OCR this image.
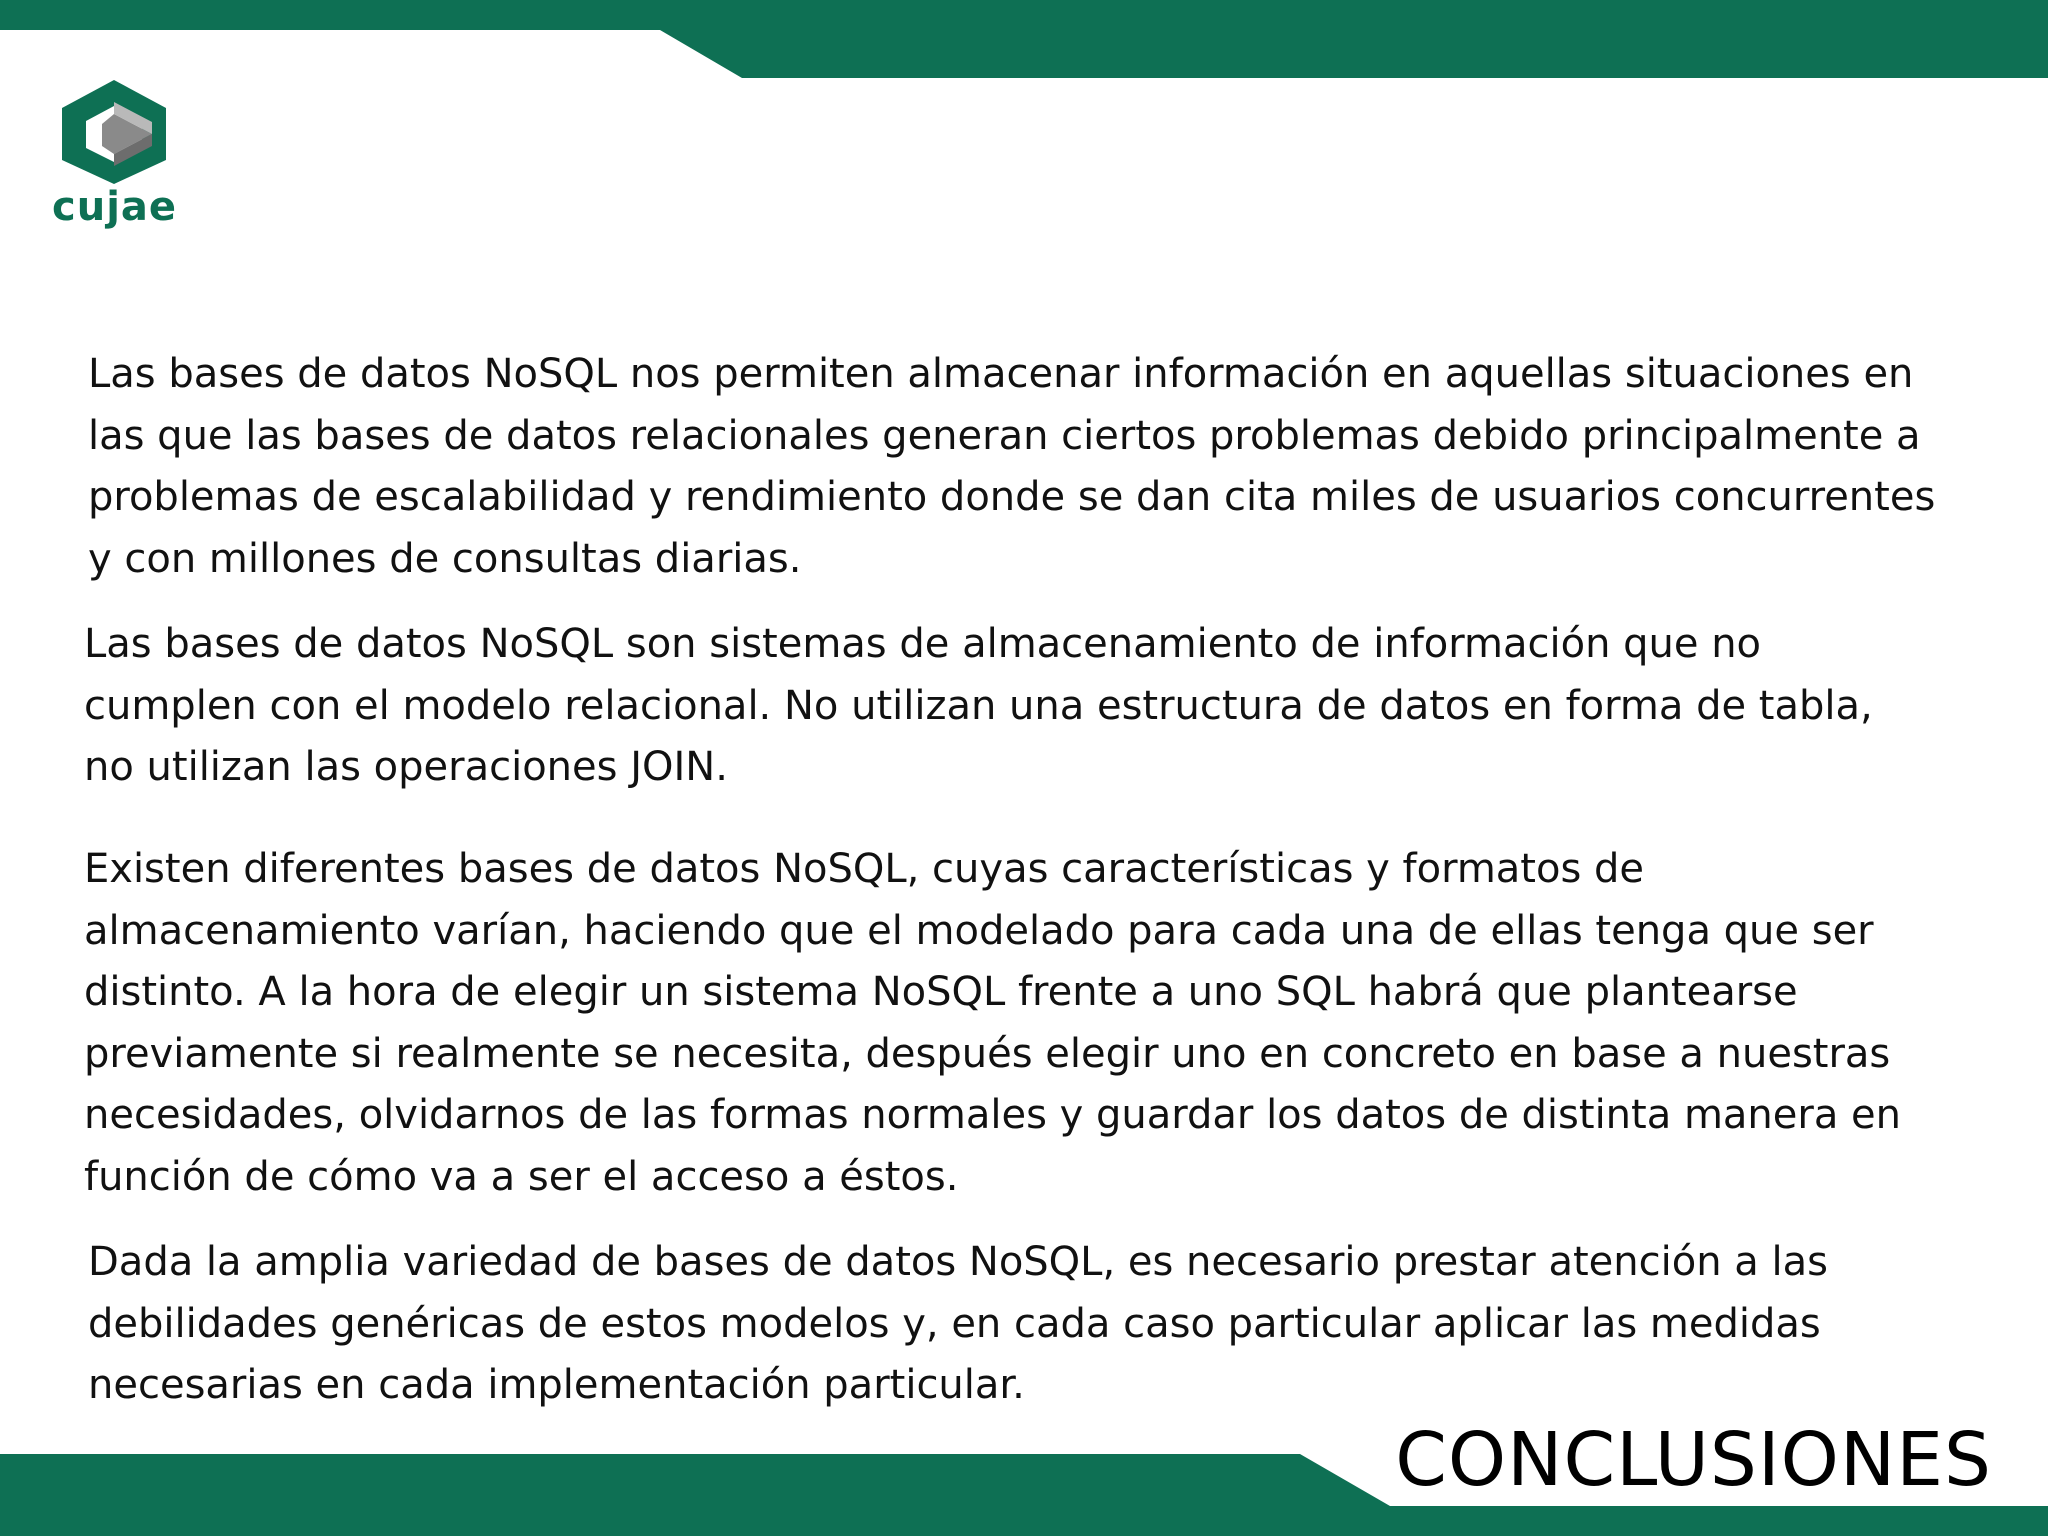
cujae

Las bases de datos NoSQL nos permiten almacenar información en aquellas situaciones en
las que las bases de datos relacionales generan ciertos problemas debido principalmente a
problemas de escalabilidad y rendimiento donde se dan cita miles de usuarios concurrentes
y con millones de consultas diarias.

Las bases de datos NoSQL son sistemas de almacenamiento de información que no
cumplen con el modelo relacional. No utilizan una estructura de datos en forma de tabla,
no utilizan las operaciones JOIN.

Existen diferentes bases de datos NoSQL, cuyas características y formatos de
almacenamiento varían, haciendo que el modelado para cada una de ellas tenga que ser
distinto. A la hora de elegir un sistema NoSQL frente a uno SQL habrá que plantearse
previamente si realmente se necesita, después elegir uno en concreto en base a nuestras
necesidades, olvidarnos de las formas normales y guardar los datos de distinta manera en
función de cómo va a ser el acceso a éstos.

Dada la amplia variedad de bases de datos NoSQL, es necesario prestar atención a las
debilidades genéricas de estos modelos y, en cada caso particular aplicar las medidas
necesarias en cada implementación particular.

CONCLUSIONES
